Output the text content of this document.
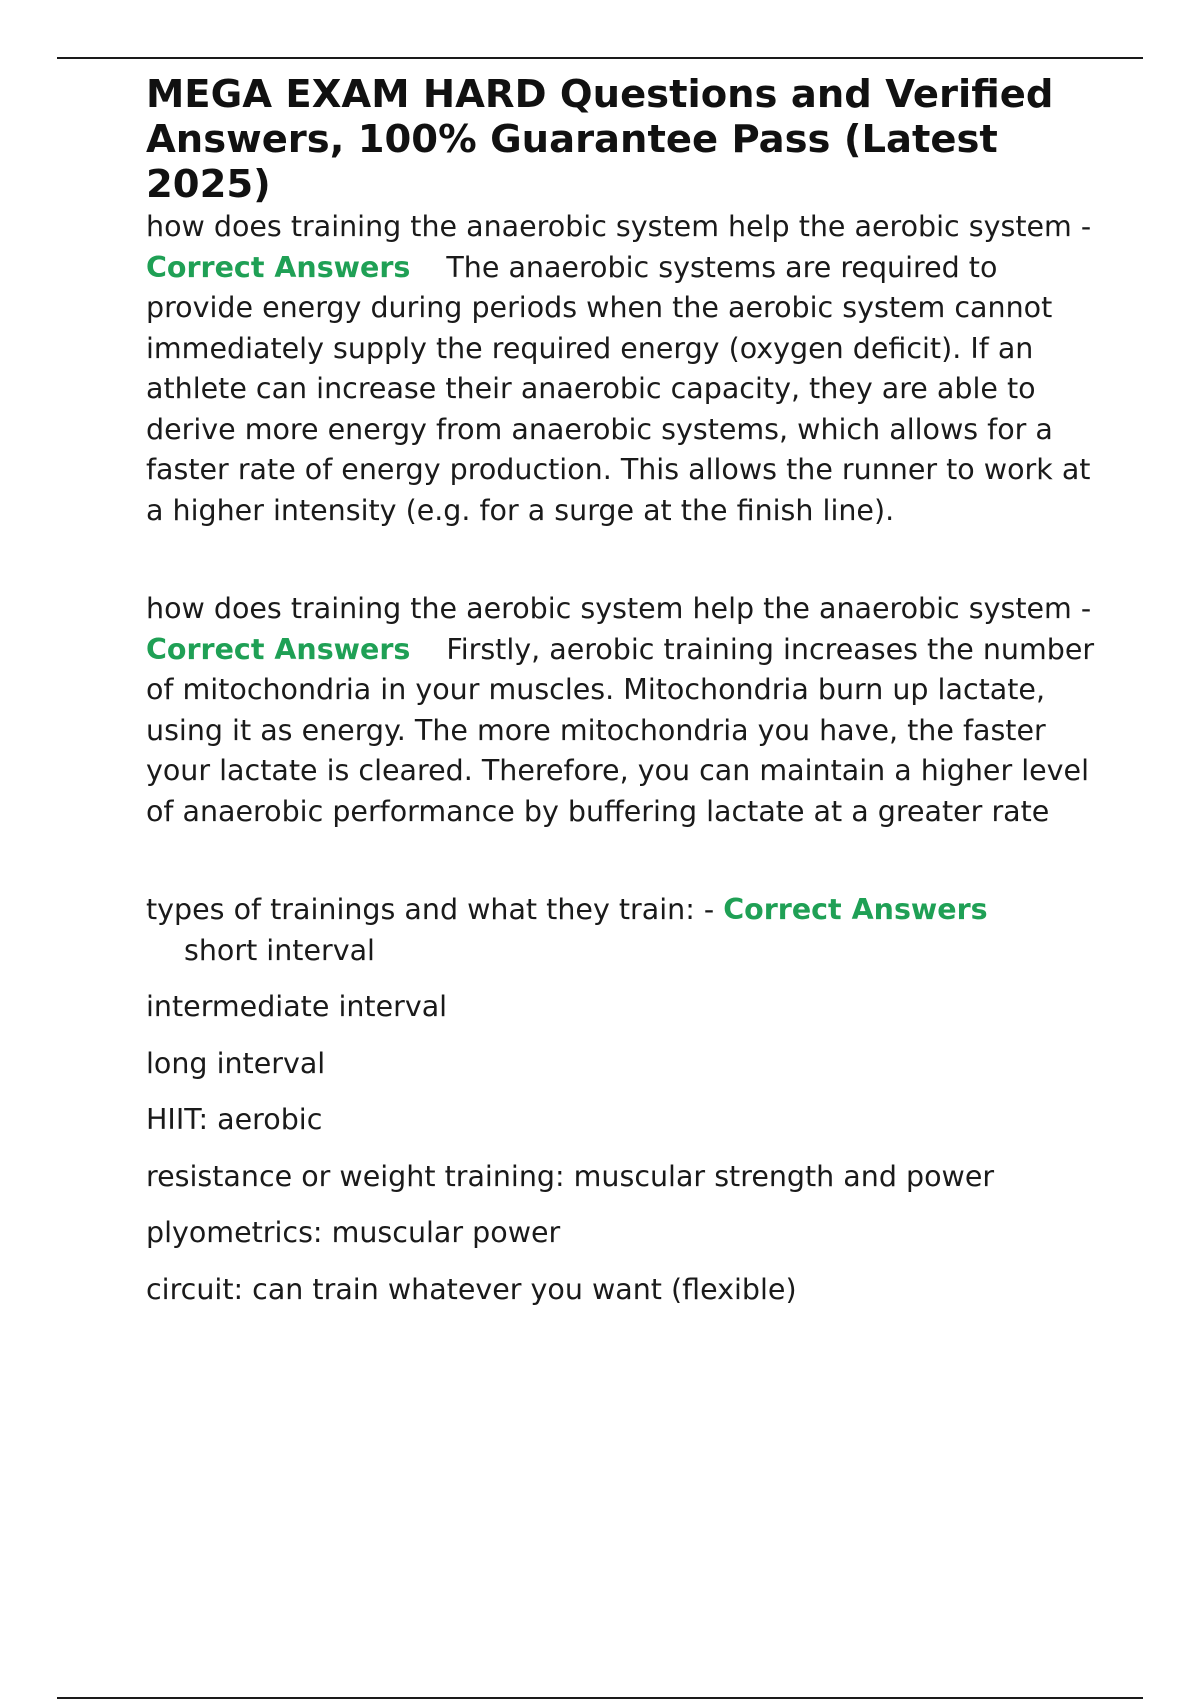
MEGA EXAM HARD Questions and Verified Answers, 100% Guarantee Pass (Latest 2025)

how does training the anaerobic system help the aerobic system - Correct Answers The anaerobic systems are required to provide energy during periods when the aerobic system cannot immediately supply the required energy (oxygen deficit). If an athlete can increase their anaerobic capacity, they are able to derive more energy from anaerobic systems, which allows for a faster rate of energy production. This allows the runner to work at a higher intensity (e.g. for a surge at the finish line).

how does training the aerobic system help the anaerobic system - Correct Answers Firstly, aerobic training increases the number of mitochondria in your muscles. Mitochondria burn up lactate, using it as energy. The more mitochondria you have, the faster your lactate is cleared. Therefore, you can maintain a higher level of anaerobic performance by buffering lactate at a greater rate

types of trainings and what they train: - Correct Answers
short interval

intermediate interval

long interval

HIIT: aerobic

resistance or weight training: muscular strength and power

plyometrics: muscular power

circuit: can train whatever you want (flexible)
